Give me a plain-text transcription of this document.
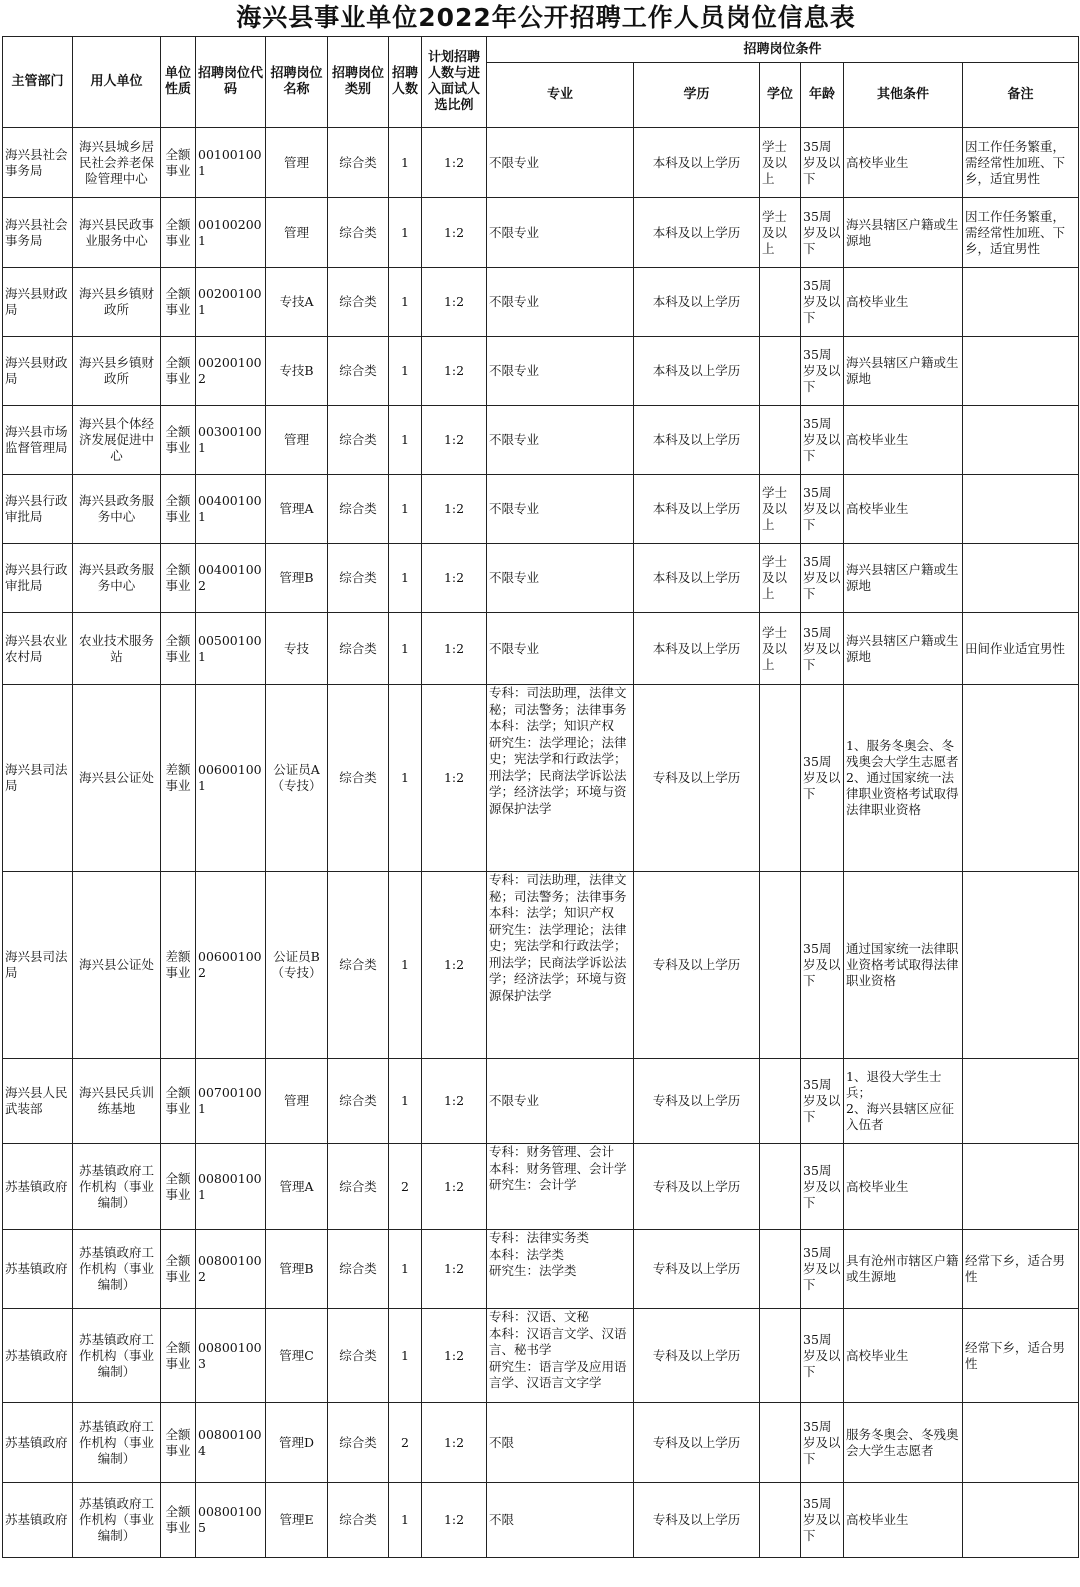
海兴县事业单位2022年公开招聘工作人员岗位信息表
主管部门	用人单位	单位性质	招聘岗位代码	招聘岗位名称	招聘岗位类别	招聘人数	计划招聘人数与进入面试人选比例	招聘岗位条件					
								专业	学历	学位	年龄	其他条件	备注
海兴县社会事务局	海兴县城乡居民社会养老保险管理中心	全额事业	001001001	管理	综合类	1	1:2	不限专业	本科及以上学历	学士及以上	35周岁及以下	高校毕业生	因工作任务繁重，需经常性加班、下乡，适宜男性
海兴县社会事务局	海兴县民政事业服务中心	全额事业	001002001	管理	综合类	1	1:2	不限专业	本科及以上学历	学士及以上	35周岁及以下	海兴县辖区户籍或生源地	因工作任务繁重，需经常性加班、下乡，适宜男性
海兴县财政局	海兴县乡镇财政所	全额事业	002001001	专技A	综合类	1	1:2	不限专业	本科及以上学历		35周岁及以下	高校毕业生	
海兴县财政局	海兴县乡镇财政所	全额事业	002001002	专技B	综合类	1	1:2	不限专业	本科及以上学历		35周岁及以下	海兴县辖区户籍或生源地	
海兴县市场监督管理局	海兴县个体经济发展促进中心	全额事业	003001001	管理	综合类	1	1:2	不限专业	本科及以上学历		35周岁及以下	高校毕业生	
海兴县行政审批局	海兴县政务服务中心	全额事业	004001001	管理A	综合类	1	1:2	不限专业	本科及以上学历	学士及以上	35周岁及以下	高校毕业生	
海兴县行政审批局	海兴县政务服务中心	全额事业	004001002	管理B	综合类	1	1:2	不限专业	本科及以上学历	学士及以上	35周岁及以下	海兴县辖区户籍或生源地	
海兴县农业农村局	农业技术服务站	全额事业	005001001	专技	综合类	1	1:2	不限专业	本科及以上学历	学士及以上	35周岁及以下	海兴县辖区户籍或生源地	田间作业适宜男性
海兴县司法局	海兴县公证处	差额事业	006001001	公证员A（专技）	综合类	1	1:2	专科：司法助理，法律文秘；司法警务；法律事务
本科：法学；知识产权
研究生：法学理论；法律史；宪法学和行政法学；刑法学；民商法学诉讼法学；经济法学；环境与资源保护法学	专科及以上学历		35周岁及以下	1、服务冬奥会、冬残奥会大学生志愿者
2、通过国家统一法律职业资格考试取得法律职业资格	
海兴县司法局	海兴县公证处	差额事业	006001002	公证员B（专技）	综合类	1	1:2	专科：司法助理，法律文秘；司法警务；法律事务
本科：法学；知识产权
研究生：法学理论；法律史；宪法学和行政法学；刑法学；民商法学诉讼法学；经济法学；环境与资源保护法学	专科及以上学历		35周岁及以下	通过国家统一法律职业资格考试取得法律职业资格	
海兴县人民武装部	海兴县民兵训练基地	全额事业	007001001	管理	综合类	1	1:2	不限专业	专科及以上学历		35周岁及以下	1、退役大学生士兵；
2、海兴县辖区应征入伍者	
苏基镇政府	苏基镇政府工作机构（事业编制）	全额事业	008001001	管理A	综合类	2	1:2	专科：财务管理、会计
本科：财务管理、会计学
研究生：会计学	专科及以上学历		35周岁及以下	高校毕业生	
苏基镇政府	苏基镇政府工作机构（事业编制）	全额事业	008001002	管理B	综合类	1	1:2	专科：法律实务类
本科：法学类
研究生：法学类	专科及以上学历		35周岁及以下	具有沧州市辖区户籍或生源地	经常下乡，适合男性
苏基镇政府	苏基镇政府工作机构（事业编制）	全额事业	008001003	管理C	综合类	1	1:2	专科：汉语、文秘
本科：汉语言文学、汉语言、秘书学
研究生：语言学及应用语言学、汉语言文字学	专科及以上学历		35周岁及以下	高校毕业生	经常下乡，适合男性
苏基镇政府	苏基镇政府工作机构（事业编制）	全额事业	008001004	管理D	综合类	2	1:2	不限	专科及以上学历		35周岁及以下	服务冬奥会、冬残奥会大学生志愿者	
苏基镇政府	苏基镇政府工作机构（事业编制）	全额事业	008001005	管理E	综合类	1	1:2	不限	专科及以上学历		35周岁及以下	高校毕业生	
